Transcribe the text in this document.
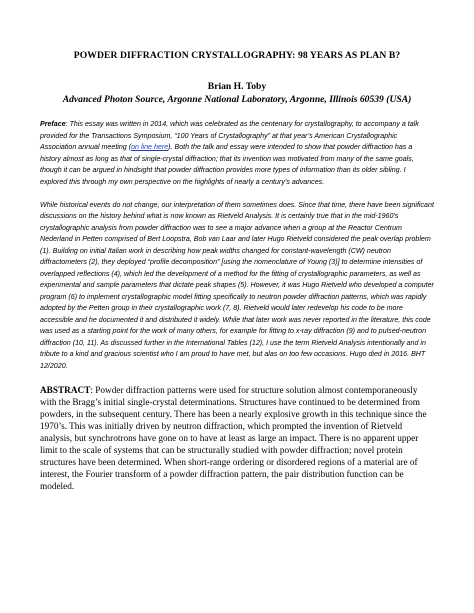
POWDER DIFFRACTION CRYSTALLOGRAPHY: 98 YEARS AS PLAN B?
Brian H. Toby
Advanced Photon Source, Argonne National Laboratory, Argonne, Illinois 60539 (USA)

Preface: This essay was written in 2014, which was celebrated as the centenary for crystallography, to accompany a talk provided for the Transactions Symposium, “100 Years of Crystallography” at that year’s American Crystallographic Association annual meeting (on line here). Both the talk and essay were intended to show that powder diffraction has a history almost as long as that of single-crystal diffraction; that its invention was motivated from many of the same goals, though it can be argued in hindsight that powder diffraction provides more types of information than its older sibling. I explored this through my own perspective on the highlights of nearly a century’s advances.

While historical events do not change, our interpretation of them sometimes does. Since that time, there have been significant discussions on the history behind what is now known as Rietveld Analysis. It is certainly true that in the mid-1960’s crystallographic analysis from powder diffraction was to see a major advance when a group at the Reactor Centrum Nederland in Petten comprised of Bert Loopstra, Bob van Laar and later Hugo Rietveld considered the peak overlap problem (1). Building on initial Italian work in describing how peak widths changed for constant-wavelength (CW) neutron diffractometers (2), they deployed “profile decomposition” [using the nomenclature of Young (3)] to determine intensities of overlapped reflections (4), which led the development of a method for the fitting of crystallographic parameters, as well as experimental and sample parameters that dictate peak shapes (5). However, it was Hugo Rietveld who developed a computer program (6) to implement crystallographic model fitting specifically to neutron powder diffraction patterns, which was rapidly adopted by the Petten group in their crystallographic work (7, 8). Rietveld would later redevelop his code to be more accessible and he documented it and distributed it widely. While that later work was never reported in the literature, this code was used as a starting point for the work of many others, for example for fitting to x-ray diffraction (9) and to pulsed-neutron diffraction (10, 11). As discussed further in the International Tables (12), I use the term Rietveld Analysis intentionally and in tribute to a kind and gracious scientist who I am proud to have met, but alas on too few occasions. Hugo died in 2016. BHT 12/2020.

ABSTRACT: Powder diffraction patterns were used for structure solution almost contemporaneously with the Bragg’s initial single-crystal determinations. Structures have continued to be determined from powders, in the subsequent century. There has been a nearly explosive growth in this technique since the 1970’s. This was initially driven by neutron diffraction, which prompted the invention of Rietveld analysis, but synchrotrons have gone on to have at least as large an impact. There is no apparent upper limit to the scale of systems that can be structurally studied with powder diffraction; novel protein structures have been determined. When short-range ordering or disordered regions of a material are of interest, the Fourier transform of a powder diffraction pattern, the pair distribution function can be modeled.
